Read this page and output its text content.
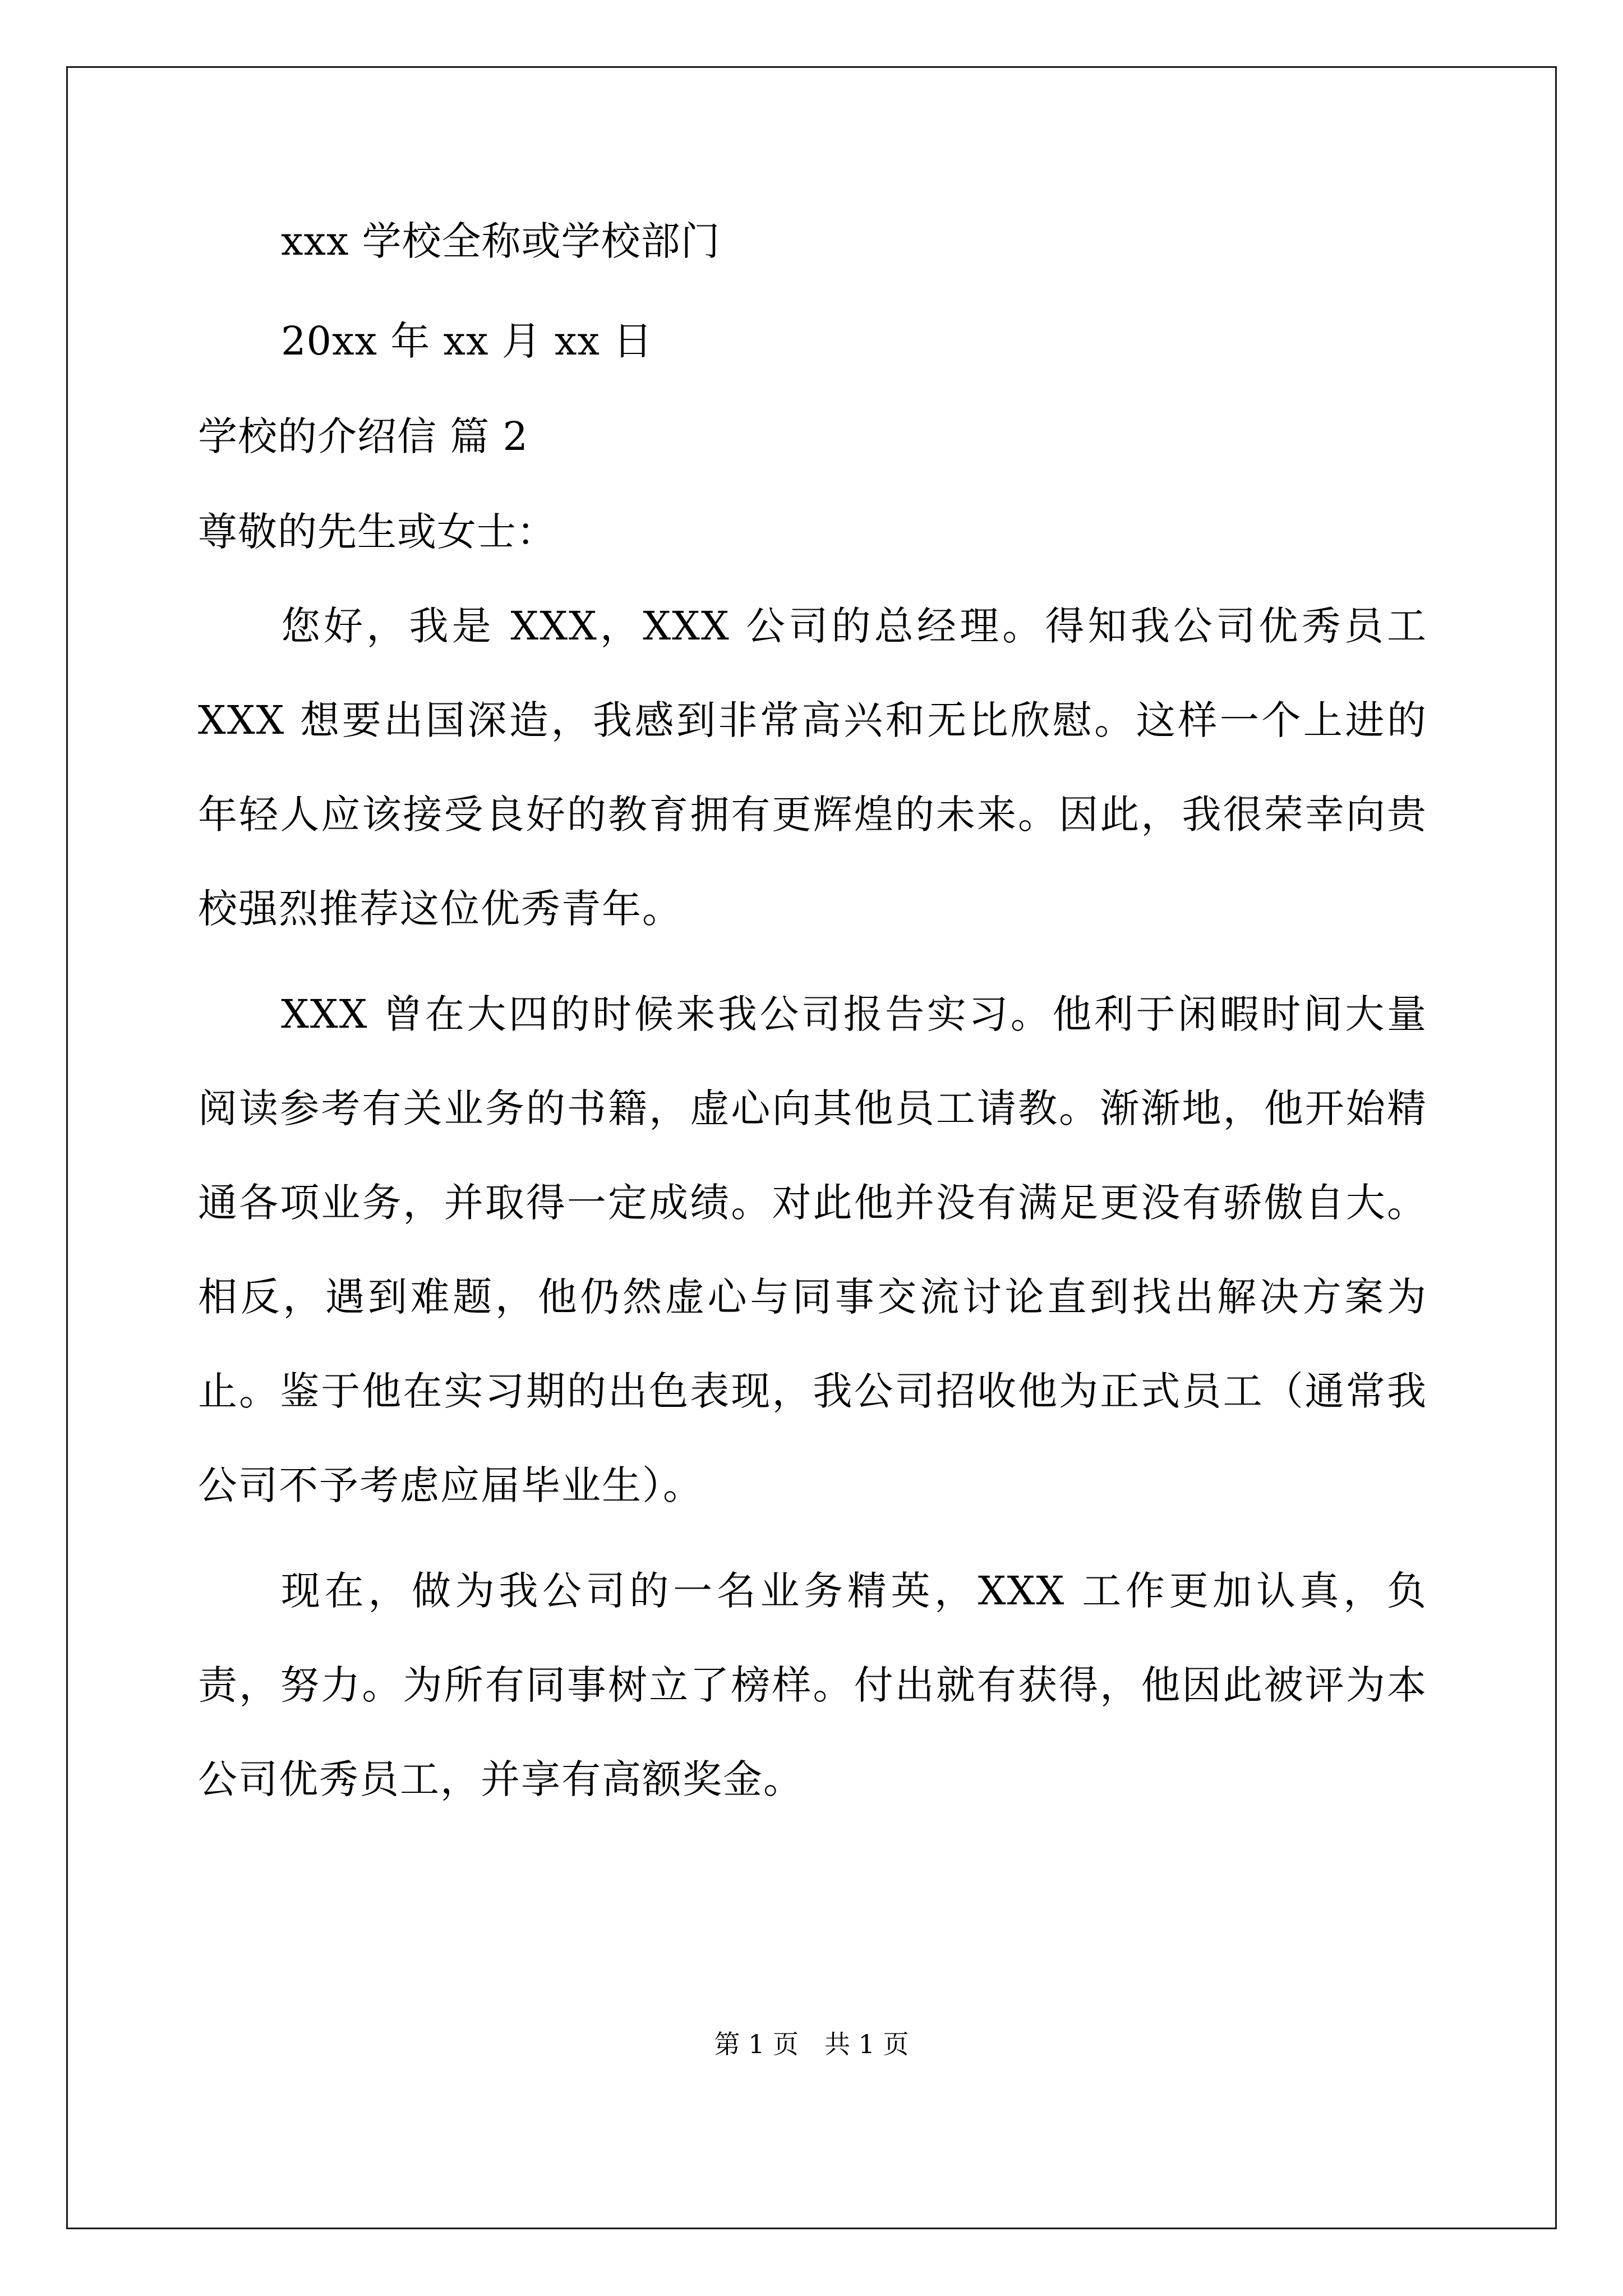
xxx 学校全称或学校部门
20xx 年 xx 月 xx 日
学校的介绍信 篇 2
尊敬的先生或女士：

您好，我是 XXX，XXX 公司的总经理。得知我公司优秀员工 XXX 想要出国深造，我感到非常高兴和无比欣慰。这样一个上进的年轻人应该接受良好的教育拥有更辉煌的未来。因此，我很荣幸向贵校强烈推荐这位优秀青年。

XXX 曾在大四的时候来我公司报告实习。他利于闲暇时间大量阅读参考有关业务的书籍，虚心向其他员工请教。渐渐地，他开始精通各项业务，并取得一定成绩。对此他并没有满足更没有骄傲自大。相反，遇到难题，他仍然虚心与同事交流讨论直到找出解决方案为止。鉴于他在实习期的出色表现，我公司招收他为正式员工（通常我公司不予考虑应届毕业生）。

现在，做为我公司的一名业务精英，XXX 工作更加认真，负责，努力。为所有同事树立了榜样。付出就有获得，他因此被评为本公司优秀员工，并享有高额奖金。

第 1 页　共 1 页
